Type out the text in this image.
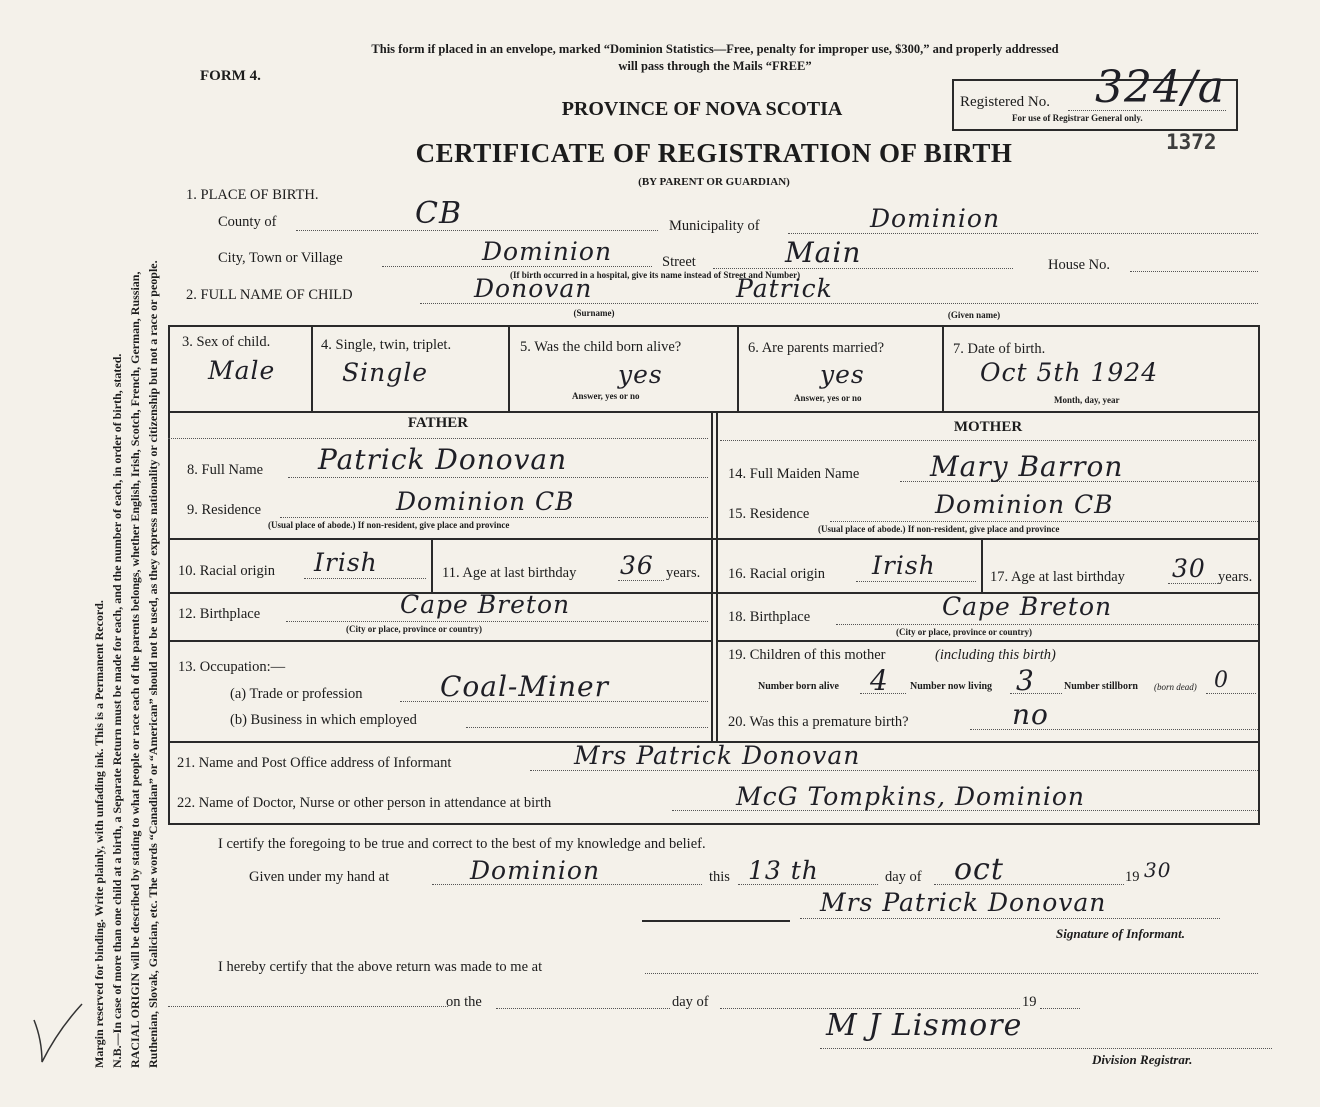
Margin reserved for binding. Write plainly, with unfading ink. This is a Permanent Record. N.B.—In case of more than one child at a birth, a Separate Return must be made for each, and the number of each, in order of birth, stated. RACIAL ORIGIN will be described by stating to what people or race each of the parents belongs, whether English, Irish, Scotch, French, German, Russian, Ruthenian, Slovak, Galician, etc. The words “Canadian” or “American” should not be used, as they express nationality or citizenship but not a race or people.
This form if placed in an envelope, marked “Dominion Statistics—Free, penalty for improper use, $300,” and properly addressed
will pass through the Mails “FREE”
FORM 4.
PROVINCE OF NOVA SCOTIA
CERTIFICATE OF REGISTRATION OF BIRTH
(BY PARENT OR GUARDIAN)
Registered No. 324/a
For use of Registrar General only.
1372
1. PLACE OF BIRTH.
County of	CB	Municipality of	Dominion
City, Town or Village	Dominion	Street	Main
(If birth occurred in a hospital, give its name instead of Street and Number)
House No.
2. FULL NAME OF CHILD	Donovan
(Surname)
Patrick
(Given name)
3. Sex of child.
Male
4. Single, twin, triplet.
Single
5. Was the child born alive?
yes
Answer, yes or no
6. Are parents married?
yes
Answer, yes or no
7. Date of birth.
Oct 5th 1924
Month, day, year
FATHER
8. Full Name Patrick Donovan
9. Residence	Dominion CB
(Usual place of abode.) If non-resident, give place and province
10. Racial origin Irish	11. Age at last birthday 36 years.
12. Birthplace	Cape Breton
(City or place, province or country)
13. Occupation:—
(a) Trade or profession	Coal-Miner
(b) Business in which employed
MOTHER
14. Full Maiden Name	Mary Barron
15. Residence	Dominion CB
(Usual place of abode.) If non-resident, give place and province
16. Racial origin Irish	17. Age at last birthday 30 years.
18. Birthplace	Cape Breton
(City or place, province or country)
19. Children of this mother	(including this birth)
Number born alive 4 Number now living 3	Number stillborn (born dead) 0
20. Was this a premature birth?	no
21. Name and Post Office address of Informant	Mrs Patrick Donovan
22. Name of Doctor, Nurse or other person in attendance at birth	McG Tompkins, Dominion
I certify the foregoing to be true and correct to the best of my knowledge and belief.
Given under my hand at	Dominion	this 13 th	day of oct	19 30
Mrs Patrick Donovan
Signature of Informant.
I hereby certify that the above return was made to me at
on the	day of	19
M J Lismore
Division Registrar.
